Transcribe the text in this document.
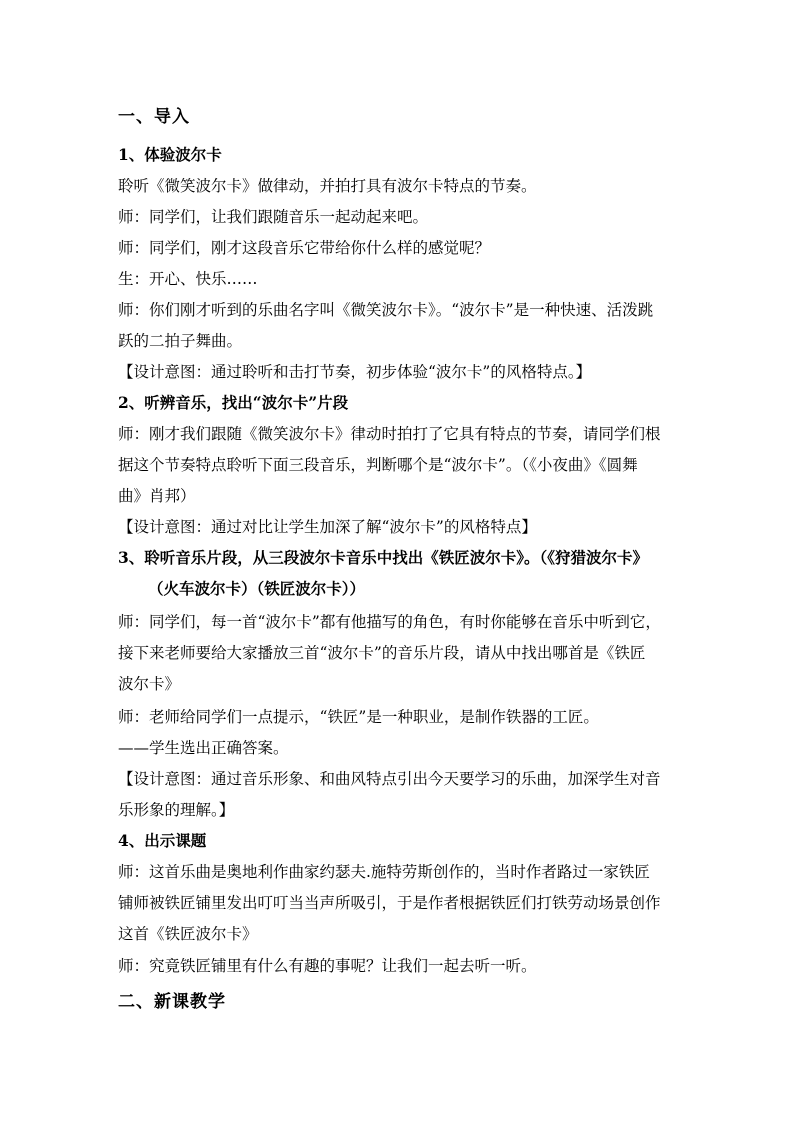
一、导入
1、体验波尔卡
聆听《微笑波尔卡》做律动，并拍打具有波尔卡特点的节奏。
师：同学们，让我们跟随音乐一起动起来吧。
师：同学们，刚才这段音乐它带给你什么样的感觉呢？
生：开心、快乐……
师：你们刚才听到的乐曲名字叫《微笑波尔卡》。“波尔卡”是一种快速、活泼跳
跃的二拍子舞曲。
【设计意图：通过聆听和击打节奏，初步体验“波尔卡”的风格特点。】
2、听辨音乐，找出“波尔卡”片段
师：刚才我们跟随《微笑波尔卡》律动时拍打了它具有特点的节奏，请同学们根
据这个节奏特点聆听下面三段音乐，判断哪个是“波尔卡”。（《小夜曲》《圆舞
曲》肖邦）
【设计意图：通过对比让学生加深了解“波尔卡”的风格特点】
3、聆听音乐片段，从三段波尔卡音乐中找出《铁匠波尔卡》。（《狩猎波尔卡》
（火车波尔卡）（铁匠波尔卡））
师：同学们，每一首“波尔卡”都有他描写的角色，有时你能够在音乐中听到它，
接下来老师要给大家播放三首“波尔卡”的音乐片段，请从中找出哪首是《铁匠
波尔卡》
师：老师给同学们一点提示，“铁匠”是一种职业，是制作铁器的工匠。
——学生选出正确答案。
【设计意图：通过音乐形象、和曲风特点引出今天要学习的乐曲，加深学生对音
乐形象的理解。】
4、出示课题
师：这首乐曲是奥地利作曲家约瑟夫.施特劳斯创作的，当时作者路过一家铁匠
铺师被铁匠铺里发出叮叮当当声所吸引，于是作者根据铁匠们打铁劳动场景创作
这首《铁匠波尔卡》
师：究竟铁匠铺里有什么有趣的事呢？让我们一起去听一听。
二、新课教学
